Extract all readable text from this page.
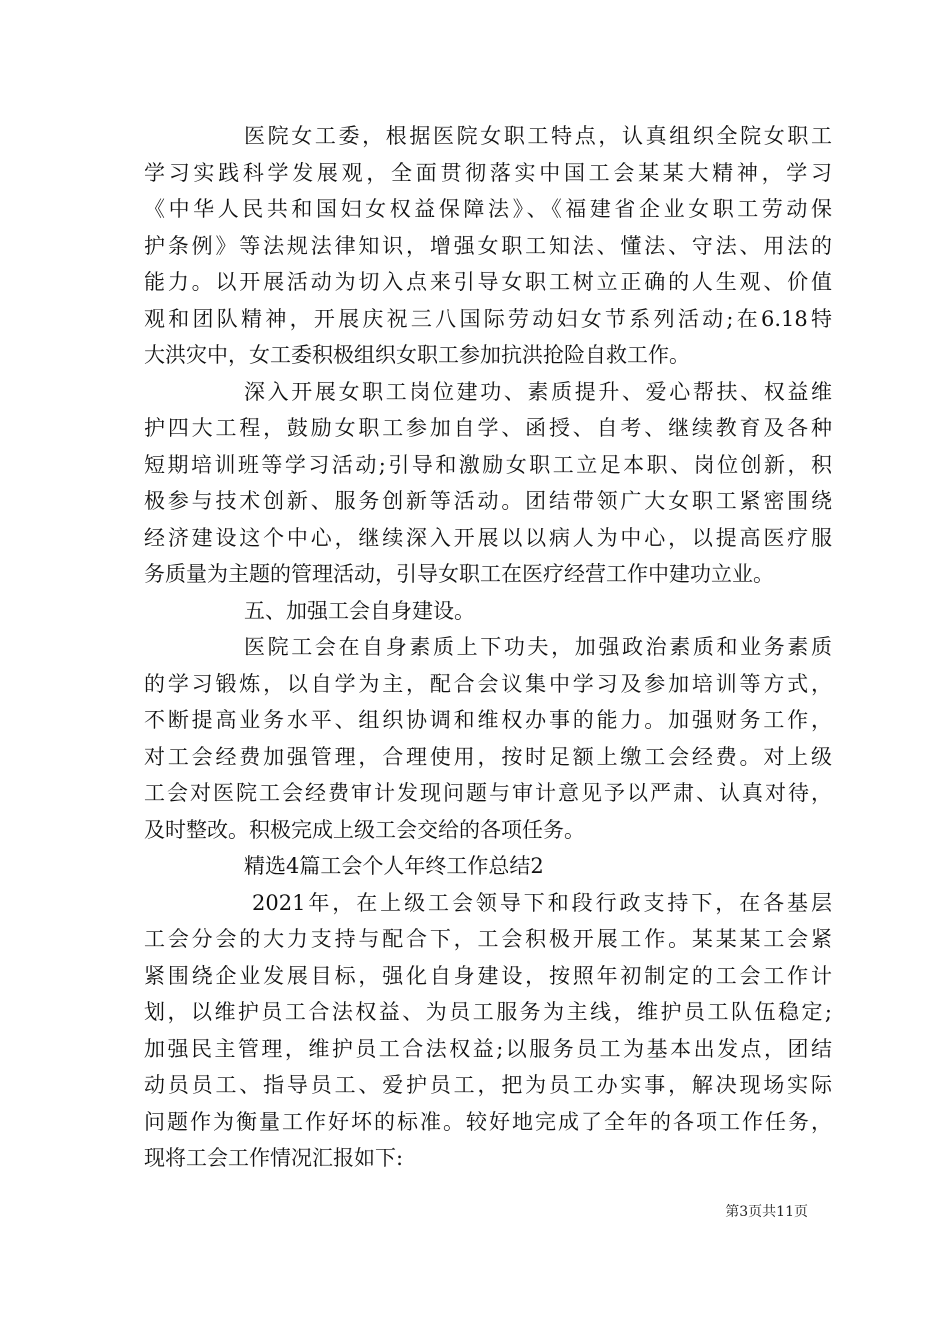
医院女工委，根据医院女职工特点，认真组织全院女职工
学习实践科学发展观，全面贯彻落实中国工会某某大精神，学习
《中华人民共和国妇女权益保障法》、《福建省企业女职工劳动保
护条例》等法规法律知识，增强女职工知法、懂法、守法、用法的
能力。以开展活动为切入点来引导女职工树立正确的人生观、价值
观和团队精神，开展庆祝三八国际劳动妇女节系列活动;在6.18特
大洪灾中，女工委积极组织女职工参加抗洪抢险自救工作。
深入开展女职工岗位建功、素质提升、爱心帮扶、权益维
护四大工程，鼓励女职工参加自学、函授、自考、继续教育及各种
短期培训班等学习活动;引导和激励女职工立足本职、岗位创新，积
极参与技术创新、服务创新等活动。团结带领广大女职工紧密围绕
经济建设这个中心，继续深入开展以以病人为中心，以提高医疗服
务质量为主题的管理活动，引导女职工在医疗经营工作中建功立业。
五、加强工会自身建设。
医院工会在自身素质上下功夫，加强政治素质和业务素质
的学习锻炼，以自学为主，配合会议集中学习及参加培训等方式，
不断提高业务水平、组织协调和维权办事的能力。加强财务工作，
对工会经费加强管理，合理使用，按时足额上缴工会经费。对上级
工会对医院工会经费审计发现问题与审计意见予以严肃、认真对待，
及时整改。积极完成上级工会交给的各项任务。
精选4篇工会个人年终工作总结2
2021年，在上级工会领导下和段行政支持下，在各基层
工会分会的大力支持与配合下，工会积极开展工作。某某某工会紧
紧围绕企业发展目标，强化自身建设，按照年初制定的工会工作计
划，以维护员工合法权益、为员工服务为主线，维护员工队伍稳定;
加强民主管理，维护员工合法权益;以服务员工为基本出发点，团结
动员员工、指导员工、爱护员工，把为员工办实事，解决现场实际
问题作为衡量工作好坏的标准。较好地完成了全年的各项工作任务，
现将工会工作情况汇报如下:
第3页共11页
